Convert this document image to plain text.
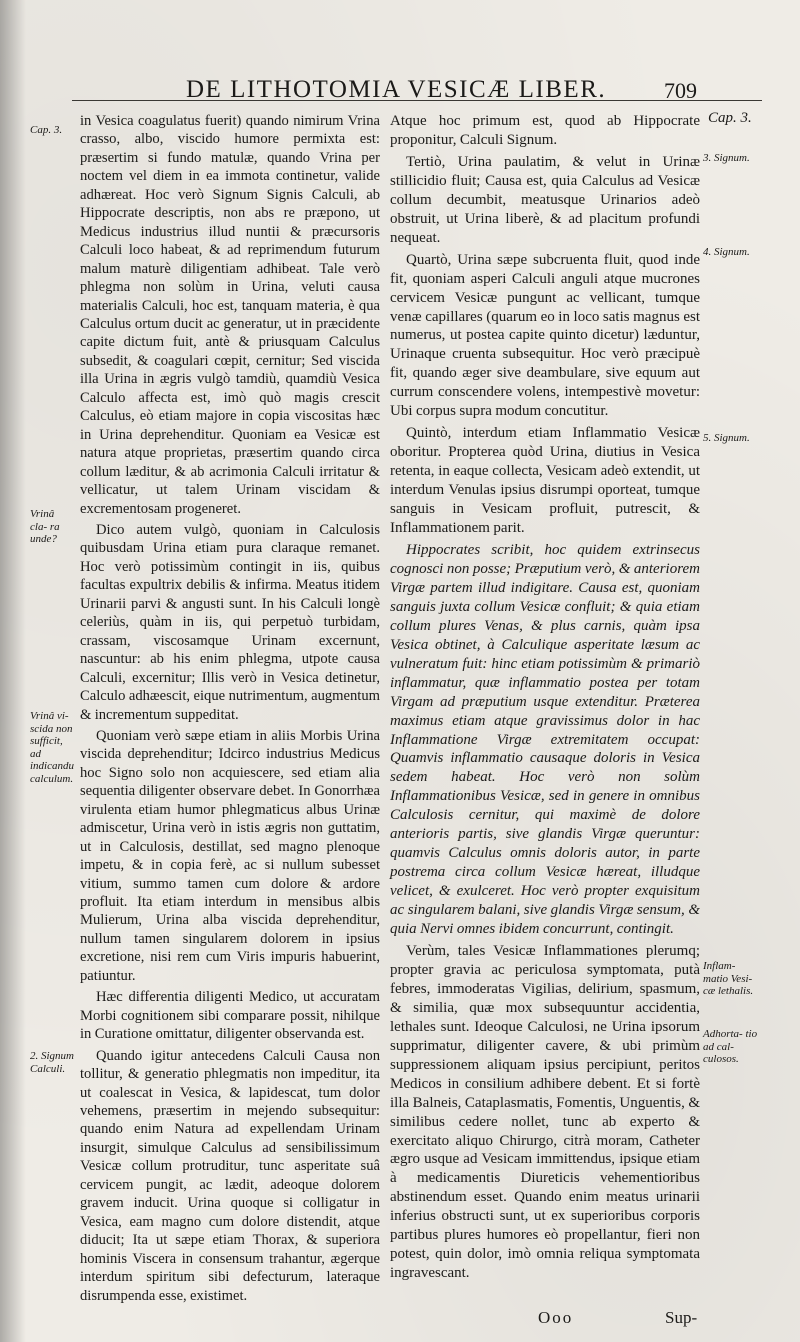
DE LITHOTOMIA VESICÆ LIBER.	709
Cap. 3.
Cap. 3.
3. Signum.
4. Signum.
5. Signum.
Vrinâ cla- ra unde?
Vrinâ vi- scida non sufficit, ad indicandu calculum.
2. Signum Calculi.
Inflam- matio Vesi- cæ lethalis.
Adhorta- tio ad cal- culosos.

in Vesica coagulatus fuerit) quando nimirum Vrina crasso, albo, viscido humore permixta est: præsertim si fundo matulæ, quando Vrina per noctem vel diem in ea immota continetur, valide adhæreat. Hoc verò Signum Signis Calculi, ab Hippocrate descriptis, non abs re præpono, ut Medicus industrius illud nuntii & præcursoris Calculi loco habeat, & ad reprimendum futurum malum maturè diligentiam adhibeat. Tale verò phlegma non solùm in Urina, veluti causa materialis Calculi, hoc est, tanquam materia, è qua Calculus ortum ducit ac generatur, ut in præcidente capite dictum fuit, antè & priusquam Calculus subsedit, & coagulari cœpit, cernitur; Sed viscida illa Urina in ægris vulgò tamdiù, quamdiù Vesica Calculo affecta est, imò quò magis crescit Calculus, eò etiam majore in copia viscositas hæc in Urina deprehenditur. Quoniam ea Vesicæ est natura atque proprietas, præsertim quando circa collum læditur, & ab acrimonia Calculi irritatur & vellicatur, ut talem Urinam viscidam & excrementosam progeneret.

Dico autem vulgò, quoniam in Calculosis quibusdam Urina etiam pura claraque remanet. Hoc verò potissimùm contingit in iis, quibus facultas expultrix debilis & infirma. Meatus itidem Urinarii parvi & angusti sunt. In his Calculi longè celeriùs, quàm in iis, qui perpetuò turbidam, crassam, viscosamque Urinam excernunt, nascuntur: ab his enim phlegma, utpote causa Calculi, excernitur; Illis verò in Vesica detinetur, Calculo adhæescit, eique nutrimentum, augmentum & incrementum suppeditat.

Quoniam verò sæpe etiam in aliis Morbis Urina viscida deprehenditur; Idcirco industrius Medicus hoc Signo solo non acquiescere, sed etiam alia sequentia diligenter observare debet. In Gonorrhæa virulenta etiam humor phlegmaticus albus Urinæ admiscetur, Urina verò in istis ægris non guttatim, ut in Calculosis, destillat, sed magno plenoque impetu, & in copia ferè, ac si nullum subesset vitium, summo tamen cum dolore & ardore profluit. Ita etiam interdum in mensibus albis Mulierum, Urina alba viscida deprehenditur, nullum tamen singularem dolorem in ipsius excretione, nisi rem cum Viris impuris habuerint, patiuntur.

Hæc differentia diligenti Medico, ut accuratam Morbi cognitionem sibi comparare possit, nihilque in Curatione omittatur, diligenter observanda est.

Quando igitur antecedens Calculi Causa non tollitur, & generatio phlegmatis non impeditur, ita ut coalescat in Vesica, & lapidescat, tum dolor vehemens, præsertim in mejendo subsequitur: quando enim Natura ad expellendam Urinam insurgit, simulque Calculus ad sensibilissimum Vesicæ collum protruditur, tunc asperitate suâ cervicem pungit, ac lædit, adeoque dolorem gravem inducit. Urina quoque si colligatur in Vesica, eam magno cum dolore distendit, atque diducit; Ita ut sæpe etiam Thorax, & superiora hominis Viscera in consensum trahantur, ægerque interdum spiritum sibi defecturum, lateraque disrumpenda esse, existimet.

Atque hoc primum est, quod ab Hippocrate proponitur, Calculi Signum.

Tertiò, Urina paulatim, & velut in Urinæ stillicidio fluit; Causa est, quia Calculus ad Vesicæ collum decumbit, meatusque Urinarios adeò obstruit, ut Urina liberè, & ad placitum profundi nequeat.

Quartò, Urina sæpe subcruenta fluit, quod inde fit, quoniam asperi Calculi anguli atque mucrones cervicem Vesicæ pungunt ac vellicant, tumque venæ capillares (quarum eo in loco satis magnus est numerus, ut postea capite quinto dicetur) læduntur, Urinaque cruenta subsequitur. Hoc verò præcipuè fit, quando æger sive deambulare, sive equum aut currum conscendere volens, intempestivè movetur: Ubi corpus supra modum concutitur.

Quintò, interdum etiam Inflammatio Vesicæ oboritur. Propterea quòd Urina, diutius in Vesica retenta, in eaque collecta, Vesicam adeò extendit, ut interdum Venulas ipsius disrumpi oporteat, tumque sanguis in Vesicam profluit, putrescit, & Inflammationem parit.

Hippocrates scribit, hoc quidem extrinsecus cognosci non posse; Præputium verò, & anteriorem Virgæ partem illud indigitare. Causa est, quoniam sanguis juxta collum Vesicæ confluit; & quia etiam collum plures Venas, & plus carnis, quàm ipsa Vesica obtinet, à Calculique asperitate læsum ac vulneratum fuit: hinc etiam potissimùm & primariò inflammatur, quæ inflammatio postea per totam Virgam ad præputium usque extenditur. Præterea maximus etiam atque gravissimus dolor in hac Inflammatione Virgæ extremitatem occupat: Quamvis inflammatio causaque doloris in Vesica sedem habeat. Hoc verò non solùm Inflammationibus Vesicæ, sed in genere in omnibus Calculosis cernitur, qui maximè de dolore anterioris partis, sive glandis Virgæ queruntur: quamvis Calculus omnis doloris autor, in parte postrema circa collum Vesicæ hæreat, illudque velicet, & exulceret. Hoc verò propter exquisitum ac singularem balani, sive glandis Virgæ sensum, & quia Nervi omnes ibidem concurrunt, contingit.

Verùm, tales Vesicæ Inflammationes plerumq; propter gravia ac periculosa symptomata, putà febres, immoderatas Vigilias, delirium, spasmum, & similia, quæ mox subsequuntur accidentia, lethales sunt. Ideoque Calculosi, ne Urina ipsorum supprimatur, diligenter cavere, & ubi primùm suppressionem aliquam ipsius percipiunt, peritos Medicos in consilium adhibere debent. Et si fortè illa Balneis, Cataplasmatis, Fomentis, Unguentis, & similibus cedere nollet, tunc ab experto & exercitato aliquo Chirurgo, citrà moram, Catheter ægro usque ad Vesicam immittendus, ipsique etiam à medicamentis Diureticis vehementioribus abstinendum esset. Quando enim meatus urinarii inferius obstructi sunt, ut ex superioribus corporis partibus plures humores eò propellantur, fieri non potest, quin dolor, imò omnia reliqua symptomata ingravescant.

Ooo	Sup-
